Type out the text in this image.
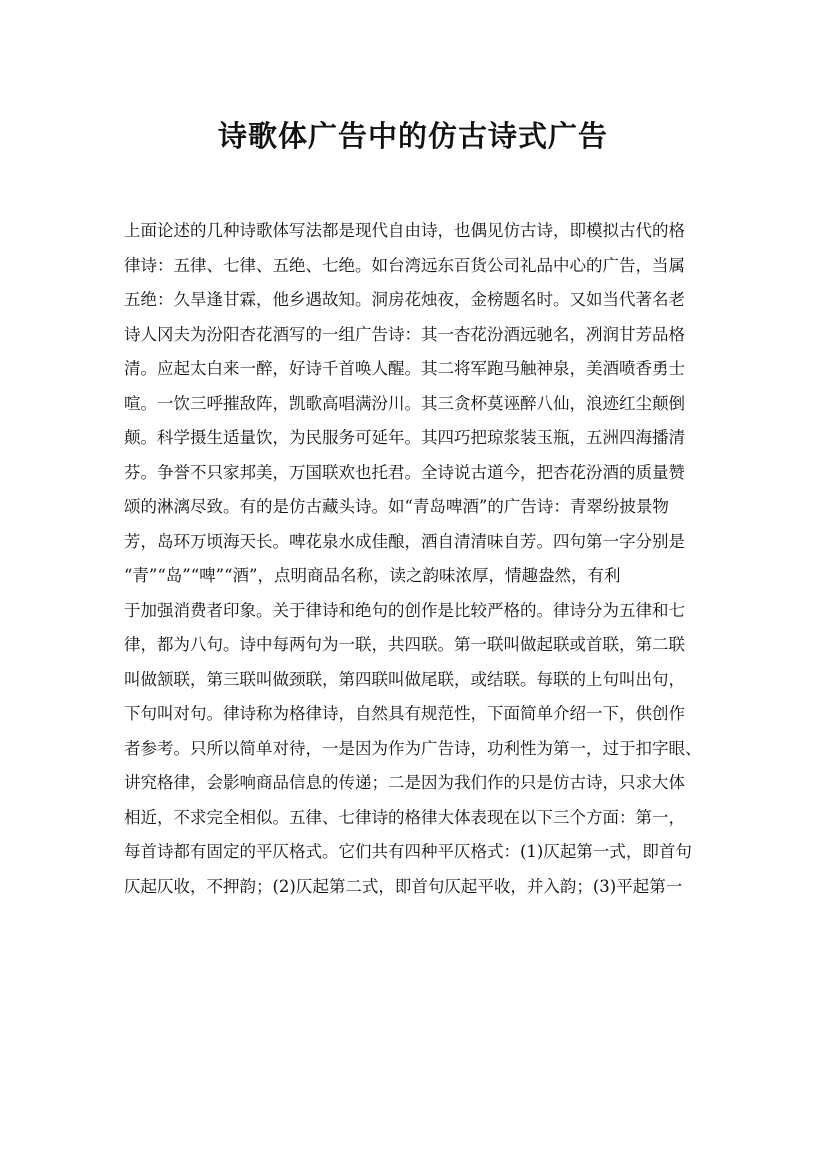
诗歌体广告中的仿古诗式广告
上面论述的几种诗歌体写法都是现代自由诗，也偶见仿古诗，即模拟古代的格
律诗：五律、七律、五绝、七绝。如台湾远东百货公司礼品中心的广告，当属
五绝：久旱逢甘霖，他乡遇故知。洞房花烛夜，金榜题名时。又如当代著名老
诗人冈夫为汾阳杏花酒写的一组广告诗：其一杏花汾酒远驰名，冽润甘芳品格
清。应起太白来一醉，好诗千首唤人醒。其二将军跑马触神泉，美酒喷香勇士
喧。一饮三呼摧敌阵，凯歌高唱满汾川。其三贪杯莫诬醉八仙，浪迹红尘颠倒
颠。科学摄生适量饮，为民服务可延年。其四巧把琼浆装玉瓶，五洲四海播清
芬。争誉不只家邦美，万国联欢也托君。全诗说古道今，把杏花汾酒的质量赞
颂的淋漓尽致。有的是仿古藏头诗。如“青岛啤酒”的广告诗：青翠纷披景物
芳，岛环万顷海天长。啤花泉水成佳酿，酒自清清味自芳。四句第一字分别是
“青”“岛”“啤”“酒”，点明商品名称，读之韵味浓厚，情趣盎然，有利
于加强消费者印象。关于律诗和绝句的创作是比较严格的。律诗分为五律和七
律，都为八句。诗中每两句为一联，共四联。第一联叫做起联或首联，第二联
叫做颔联，第三联叫做颈联，第四联叫做尾联，或结联。每联的上句叫出句，
下句叫对句。律诗称为格律诗，自然具有规范性，下面简单介绍一下，供创作
者参考。只所以简单对待，一是因为作为广告诗，功利性为第一，过于扣字眼、
讲究格律，会影响商品信息的传递；二是因为我们作的只是仿古诗，只求大体
相近，不求完全相似。五律、七律诗的格律大体表现在以下三个方面：第一，
每首诗都有固定的平仄格式。它们共有四种平仄格式：(1)仄起第一式，即首句
仄起仄收，不押韵；(2)仄起第二式，即首句仄起平收，并入韵；(3)平起第一
